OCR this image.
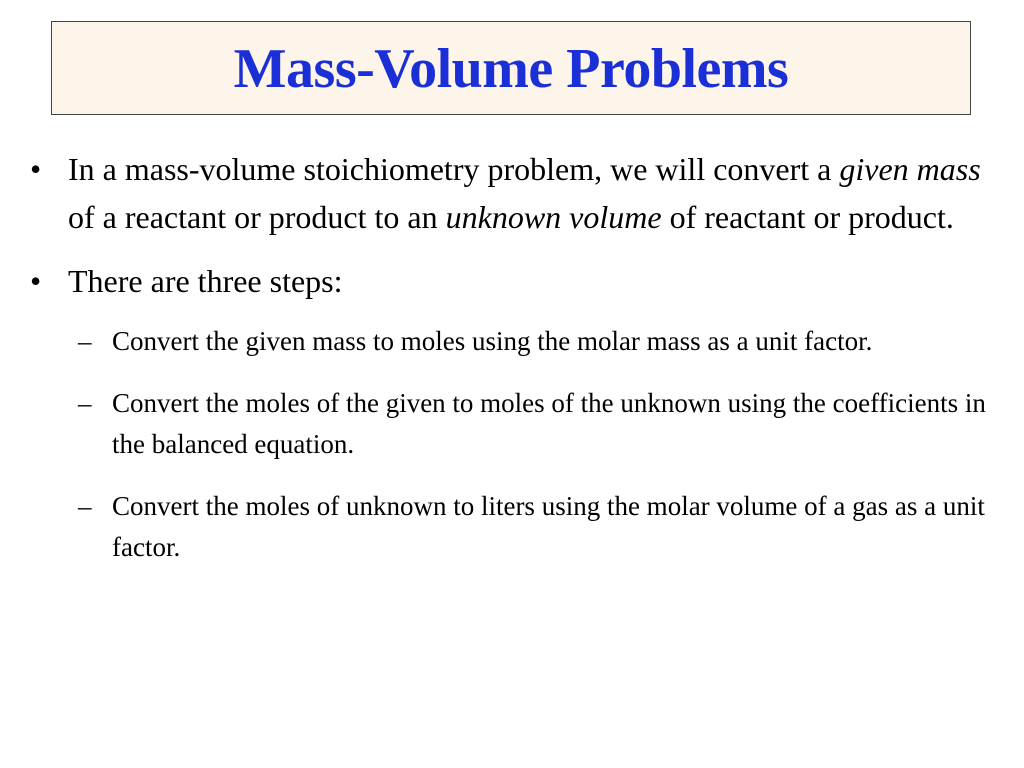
Mass-Volume Problems
• In a mass-volume stoichiometry problem, we will convert a given mass of a reactant or product to an unknown volume of reactant or product.
• There are three steps:
– Convert the given mass to moles using the molar mass as a unit factor.
– Convert the moles of the given to moles of the unknown using the coefficients in the balanced equation.
– Convert the moles of unknown to liters using the molar volume of a gas as a unit factor.
